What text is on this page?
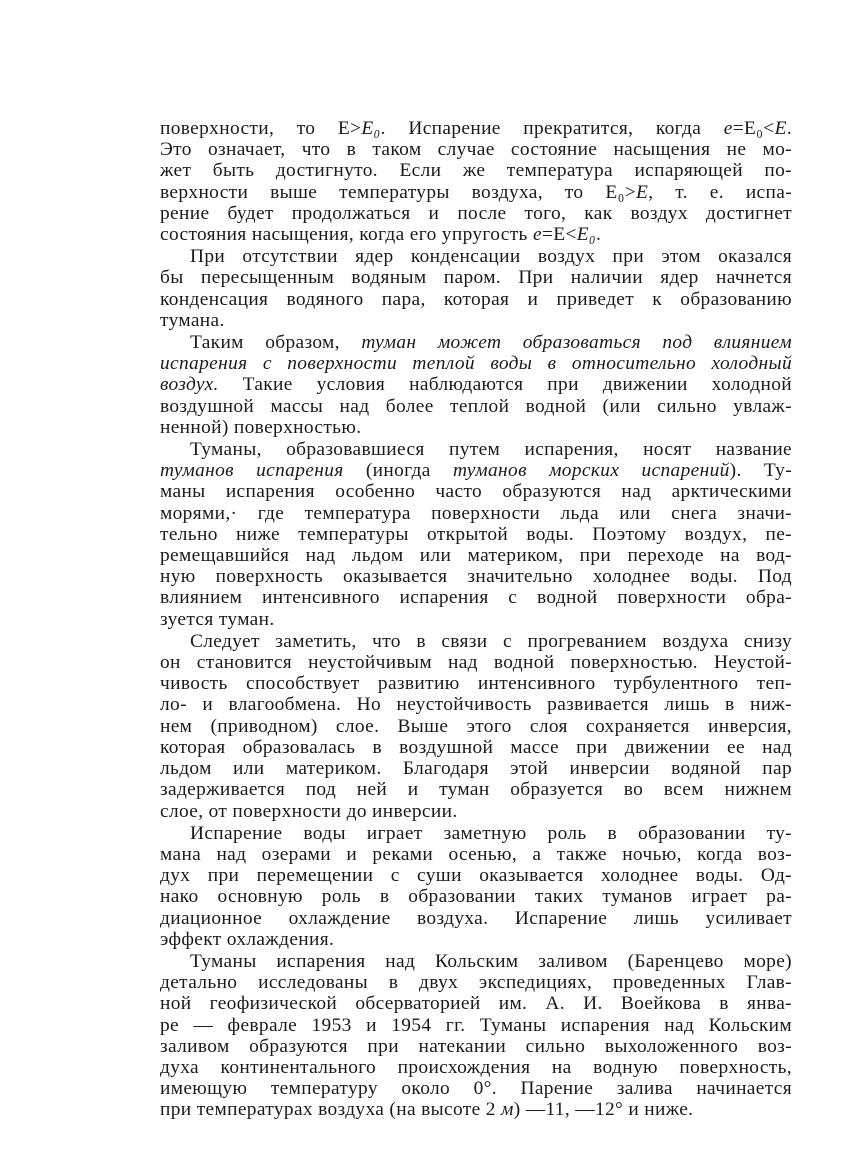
поверхности, то E>E₀. Испарение прекратится, когда e=E₀<E.
Это означает, что в таком случае состояние насыщения не мо-
жет быть достигнуто. Если же температура испаряющей по-
верхности выше температуры воздуха, то E₀>E, т. е. испа-
рение будет продолжаться и после того, как воздух достигнет
состояния насыщения, когда его упругость e=E<E₀.
При отсутствии ядер конденсации воздух при этом оказался
бы пересыщенным водяным паром. При наличии ядер начнется
конденсация водяного пара, которая и приведет к образованию
тумана.
Таким образом, туман может образоваться под влиянием
испарения с поверхности теплой воды в относительно холодный
воздух. Такие условия наблюдаются при движении холодной
воздушной массы над более теплой водной (или сильно увлаж-
ненной) поверхностью.
Туманы, образовавшиеся путем испарения, носят название
туманов испарения (иногда туманов морских испарений). Ту-
маны испарения особенно часто образуются над арктическими
морями,· где температура поверхности льда или снега значи-
тельно ниже температуры открытой воды. Поэтому воздух, пе-
ремещавшийся над льдом или материком, при переходе на вод-
ную поверхность оказывается значительно холоднее воды. Под
влиянием интенсивного испарения с водной поверхности обра-
зуется туман.
Следует заметить, что в связи с прогреванием воздуха снизу
он становится неустойчивым над водной поверхностью. Неустой-
чивость способствует развитию интенсивного турбулентного теп-
ло- и влагообмена. Но неустойчивость развивается лишь в ниж-
нем (приводном) слое. Выше этого слоя сохраняется инверсия,
которая образовалась в воздушной массе при движении ее над
льдом или материком. Благодаря этой инверсии водяной пар
задерживается под ней и туман образуется во всем нижнем
слое, от поверхности до инверсии.
Испарение воды играет заметную роль в образовании ту-
мана над озерами и реками осенью, а также ночью, когда воз-
дух при перемещении с суши оказывается холоднее воды. Од-
нако основную роль в образовании таких туманов играет ра-
диационное охлаждение воздуха. Испарение лишь усиливает
эффект охлаждения.
Туманы испарения над Кольским заливом (Баренцево море)
детально исследованы в двух экспедициях, проведенных Глав-
ной геофизической обсерваторией им. А. И. Воейкова в янва-
ре — феврале 1953 и 1954 гг. Туманы испарения над Кольским
заливом образуются при натекании сильно выхоложенного воз-
духа континентального происхождения на водную поверхность,
имеющую температуру около 0°. Парение залива начинается
при температурах воздуха (на высоте 2 м) —11, —12° и ниже.
